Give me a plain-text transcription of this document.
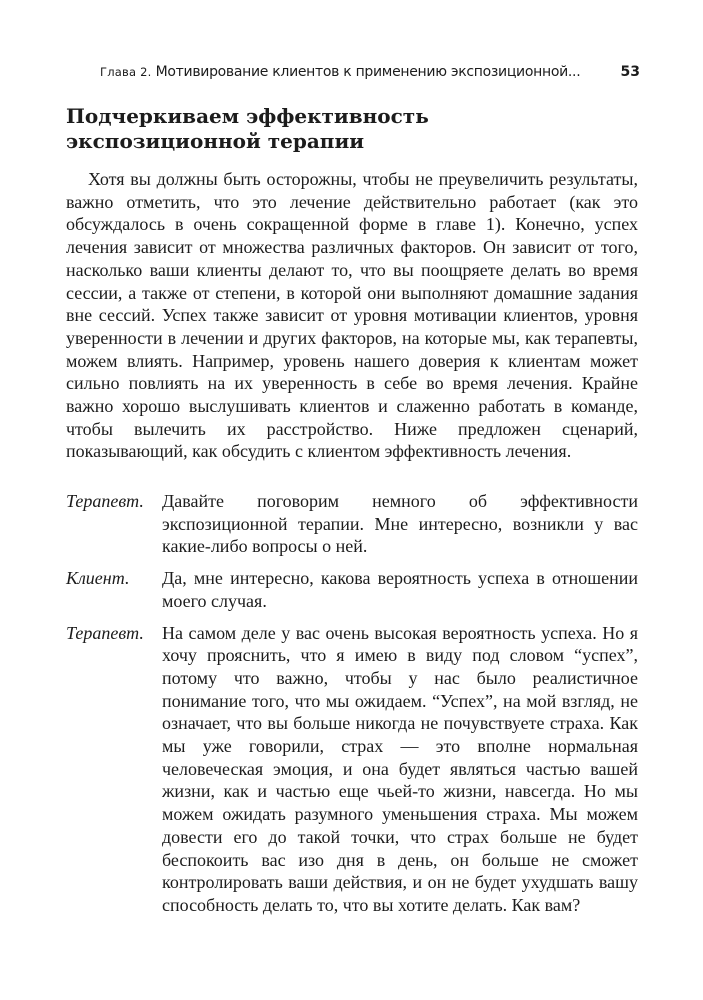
Глава 2. Мотивирование клиентов к применению экспозиционной...	53
Подчеркиваем эффективность экспозиционной терапии
Хотя вы должны быть осторожны, чтобы не преувеличить результаты, важно отметить, что это лечение действительно работает (как это обсуждалось в очень сокращенной форме в главе 1). Конечно, успех лечения зависит от множества различных факторов. Он зависит от того, насколько ваши клиенты делают то, что вы поощряете делать во время сессии, а также от степени, в которой они выполняют домашние задания вне сессий. Успех также зависит от уровня мотивации клиентов, уровня уверенности в лечении и других факторов, на которые мы, как терапевты, можем влиять. Например, уровень нашего доверия к клиентам может сильно повлиять на их уверенность в себе во время лечения. Крайне важно хорошо выслушивать клиентов и слаженно работать в команде, чтобы вылечить их расстройство. Ниже предложен сценарий, показывающий, как обсудить с клиентом эффективность лечения.
Терапевт. Давайте поговорим немного об эффективности экспозиционной терапии. Мне интересно, возникли у вас какие-либо вопросы о ней.
Клиент. Да, мне интересно, какова вероятность успеха в отношении моего случая.
Терапевт. На самом деле у вас очень высокая вероятность успеха. Но я хочу прояснить, что я имею в виду под словом “успех”, потому что важно, чтобы у нас было реалистичное понимание того, что мы ожидаем. “Успех”, на мой взгляд, не означает, что вы больше никогда не почувствуете страха. Как мы уже говорили, страх — это вполне нормальная человеческая эмоция, и она будет являться частью вашей жизни, как и частью еще чьей-то жизни, навсегда. Но мы можем ожидать разумного уменьшения страха. Мы можем довести его до такой точки, что страх больше не будет беспокоить вас изо дня в день, он больше не сможет контролировать ваши действия, и он не будет ухудшать вашу способность делать то, что вы хотите делать. Как вам?
